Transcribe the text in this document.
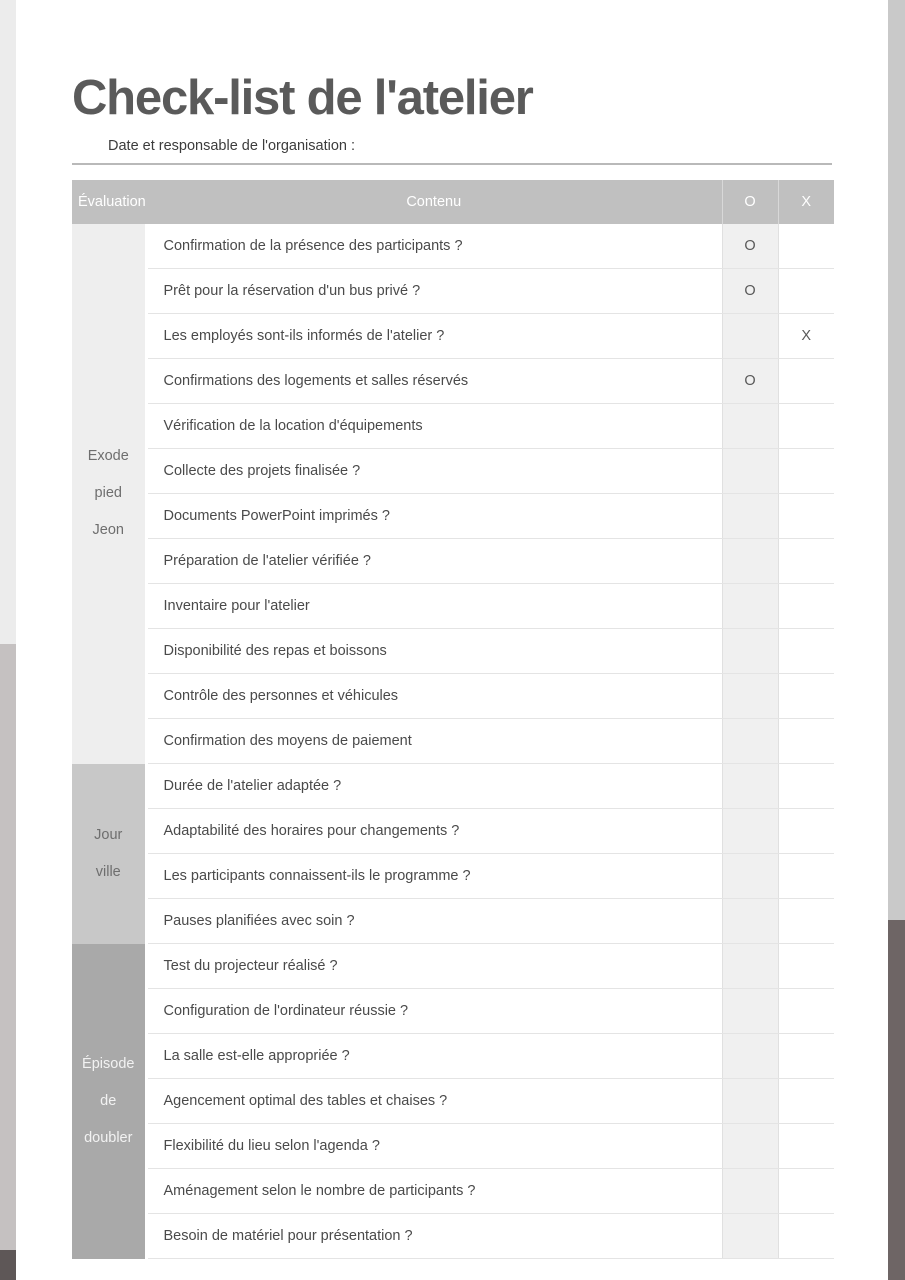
Check-list de l'atelier
Date et responsable de l'organisation :
Évaluation	Contenu	O	X

Exode
pied
Jeon	Confirmation de la présence des participants ?	O	
	Prêt pour la réservation d'un bus privé ?	O	
	Les employés sont-ils informés de l'atelier ?		X
	Confirmations des logements et salles réservés	O	
	Vérification de la location d'équipements		
	Collecte des projets finalisée ?		
	Documents PowerPoint imprimés ?		
	Préparation de l'atelier vérifiée ?		
	Inventaire pour l'atelier		
	Disponibilité des repas et boissons		
	Contrôle des personnes et véhicules		
	Confirmation des moyens de paiement		

Jour
ville	Durée de l'atelier adaptée ?		
	Adaptabilité des horaires pour changements ?		
	Les participants connaissent-ils le programme ?		
	Pauses planifiées avec soin ?		

Épisode
de
doubler	Test du projecteur réalisé ?		
	Configuration de l'ordinateur réussie ?		
	La salle est-elle appropriée ?		
	Agencement optimal des tables et chaises ?		
	Flexibilité du lieu selon l'agenda ?		
	Aménagement selon le nombre de participants ?		
	Besoin de matériel pour présentation ?		
